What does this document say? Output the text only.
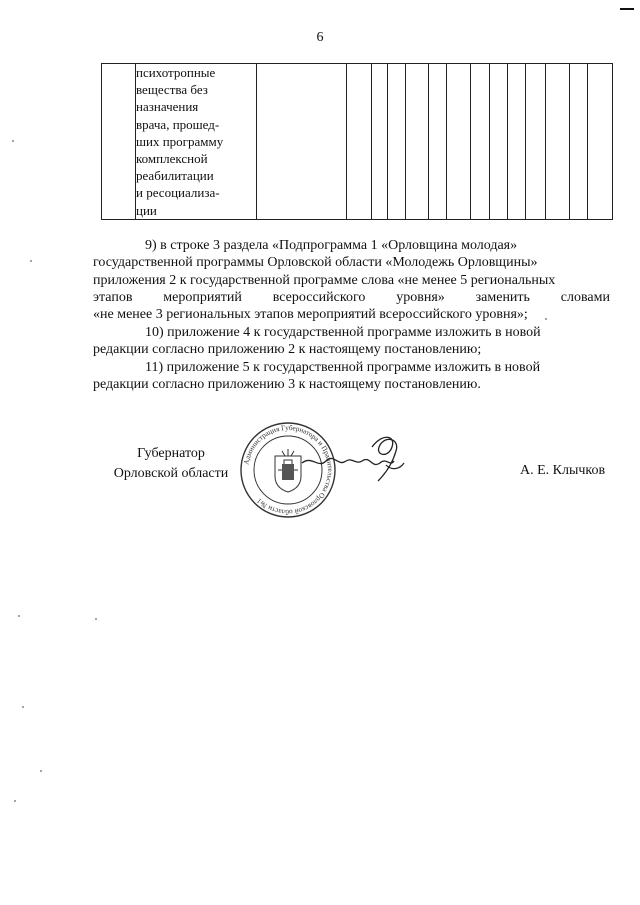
6

психотропные
вещества без
назначения
врача, прошед-
ших программу
комплексной
реабилитации
и ресоциализа-
ции

9) в строке 3 раздела «Подпрограмма 1 «Орловщина молодая»
государственной программы Орловской области «Молодежь Орловщины»
приложения 2 к государственной программе слова «не менее 5 региональных
этапов мероприятий всероссийского уровня» заменить словами
«не менее 3 региональных этапов мероприятий всероссийского уровня»;
10) приложение 4 к государственной программе изложить в новой
редакции согласно приложению 2 к настоящему постановлению;
11) приложение 5 к государственной программе изложить в новой
редакции согласно приложению 3 к настоящему постановлению.
Губернатор
Орловской области
Администрация Губернатора и Правительства Орловской области №1
А. Е. Клычков
